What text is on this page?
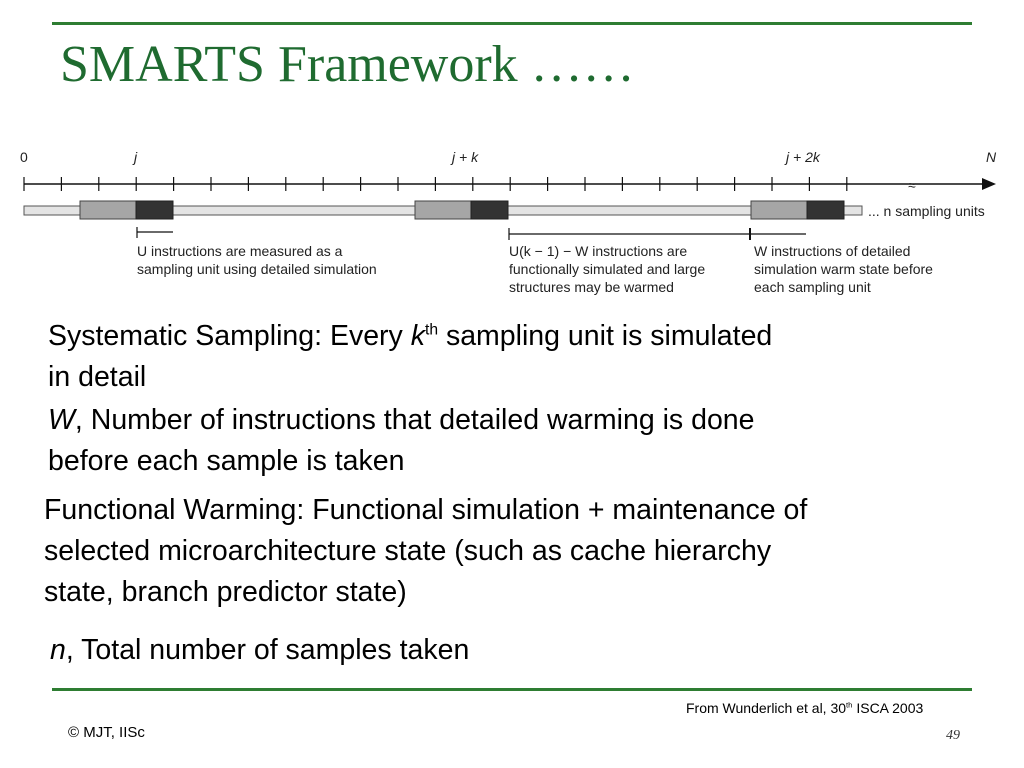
SMARTS Framework ……
0	j	j + k	j + 2k	N
≈
... n sampling units
U instructions are measured as a
sampling unit using detailed simulation
U(k − 1) − W instructions are
functionally simulated and large
structures may be warmed
W instructions of detailed
simulation warm state before
each sampling unit
Systematic Sampling: Every $k^{th}$ sampling unit is simulated
in detail
W, Number of instructions that detailed warming is done
before each sample is taken
Functional Warming: Functional simulation + maintenance of
selected microarchitecture state (such as cache hierarchy
state, branch predictor state)
n, Total number of samples taken
From Wunderlich et al, 30th ISCA 2003
© MJT, IISc	49
